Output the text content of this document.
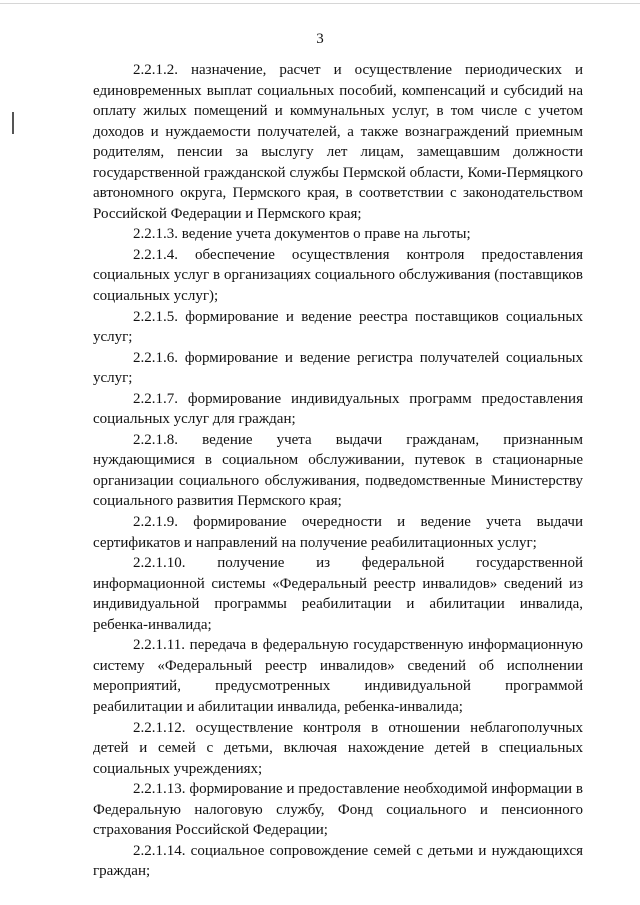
3

2.2.1.2. назначение, расчет и осуществление периодических и единовременных выплат социальных пособий, компенсаций и субсидий на оплату жилых помещений и коммунальных услуг, в том числе с учетом доходов и нуждаемости получателей, а также вознаграждений приемным родителям, пенсии за выслугу лет лицам, замещавшим должности государственной гражданской службы Пермской области, Коми-Пермяцкого автономного округа, Пермского края, в соответствии с законодательством Российской Федерации и Пермского края;

2.2.1.3. ведение учета документов о праве на льготы;

2.2.1.4. обеспечение осуществления контроля предоставления социальных услуг в организациях социального обслуживания (поставщиков социальных услуг);

2.2.1.5. формирование и ведение реестра поставщиков социальных услуг;

2.2.1.6. формирование и ведение регистра получателей социальных услуг;

2.2.1.7. формирование индивидуальных программ предоставления социальных услуг для граждан;

2.2.1.8. ведение учета выдачи гражданам, признанным нуждающимися в социальном обслуживании, путевок в стационарные организации социального обслуживания, подведомственные Министерству социального развития Пермского края;

2.2.1.9. формирование очередности и ведение учета выдачи сертификатов и направлений на получение реабилитационных услуг;

2.2.1.10. получение из федеральной государственной информационной системы «Федеральный реестр инвалидов» сведений из индивидуальной программы реабилитации и абилитации инвалида, ребенка-инвалида;

2.2.1.11. передача в федеральную государственную информационную систему «Федеральный реестр инвалидов» сведений об исполнении мероприятий, предусмотренных индивидуальной программой реабилитации и абилитации инвалида, ребенка-инвалида;

2.2.1.12. осуществление контроля в отношении неблагополучных детей и семей с детьми, включая нахождение детей в специальных социальных учреждениях;

2.2.1.13. формирование и предоставление необходимой информации в Федеральную налоговую службу, Фонд социального и пенсионного страхования Российской Федерации;

2.2.1.14. социальное сопровождение семей с детьми и нуждающихся граждан;
